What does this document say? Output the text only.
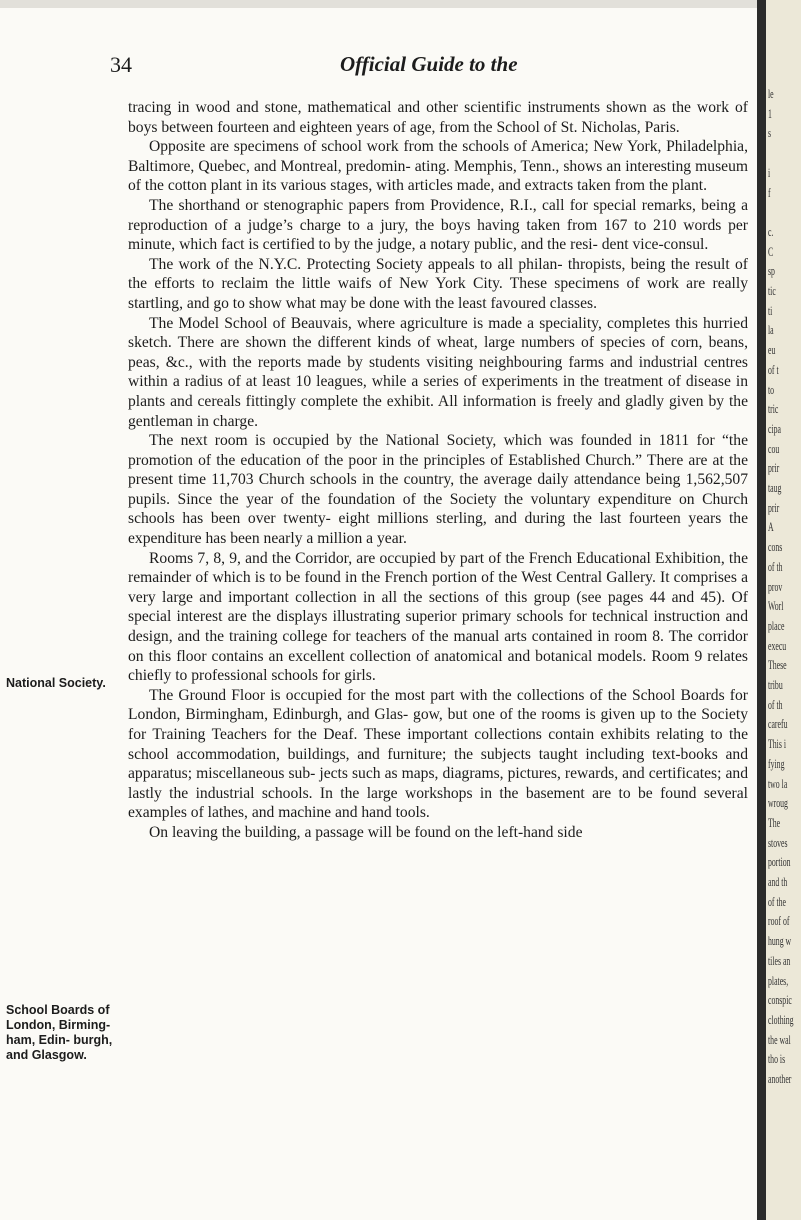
34	Official Guide to the
National Society.
School Boards of London, Birming- ham, Edin- burgh, and Glasgow.

tracing in wood and stone, mathematical and other scientific instruments shown as the work of boys between fourteen and eighteen years of age, from the School of St. Nicholas, Paris.

Opposite are specimens of school work from the schools of America; New York, Philadelphia, Baltimore, Quebec, and Montreal, predomin- ating. Memphis, Tenn., shows an interesting museum of the cotton plant in its various stages, with articles made, and extracts taken from the plant.

The shorthand or stenographic papers from Providence, R.I., call for special remarks, being a reproduction of a judge’s charge to a jury, the boys having taken from 167 to 210 words per minute, which fact is certified to by the judge, a notary public, and the resi- dent vice-consul.

The work of the N.Y.C. Protecting Society appeals to all philan- thropists, being the result of the efforts to reclaim the little waifs of New York City. These specimens of work are really startling, and go to show what may be done with the least favoured classes.

The Model School of Beauvais, where agriculture is made a speciality, completes this hurried sketch. There are shown the different kinds of wheat, large numbers of species of corn, beans, peas, &c., with the reports made by students visiting neighbouring farms and industrial centres within a radius of at least 10 leagues, while a series of experiments in the treatment of disease in plants and cereals fittingly complete the exhibit. All information is freely and gladly given by the gentleman in charge.

The next room is occupied by the National Society, which was founded in 1811 for “the promotion of the education of the poor in the principles of Established Church.” There are at the present time 11,703 Church schools in the country, the average daily attendance being 1,562,507 pupils. Since the year of the foundation of the Society the voluntary expenditure on Church schools has been over twenty- eight millions sterling, and during the last fourteen years the expenditure has been nearly a million a year.

Rooms 7, 8, 9, and the Corridor, are occupied by part of the French Educational Exhibition, the remainder of which is to be found in the French portion of the West Central Gallery. It comprises a very large and important collection in all the sections of this group (see pages 44 and 45). Of special interest are the displays illustrating superior primary schools for technical instruction and design, and the training college for teachers of the manual arts contained in room 8. The corridor on this floor contains an excellent collection of anatomical and botanical models. Room 9 relates chiefly to professional schools for girls.

The Ground Floor is occupied for the most part with the collections of the School Boards for London, Birmingham, Edinburgh, and Glas- gow, but one of the rooms is given up to the Society for Training Teachers for the Deaf. These important collections contain exhibits relating to the school accommodation, buildings, and furniture; the subjects taught including text-books and apparatus; miscellaneous sub- jects such as maps, diagrams, pictures, rewards, and certificates; and lastly the industrial schools. In the large workshops in the basement are to be found several examples of lathes, and machine and hand tools.

On leaving the building, a passage will be found on the left-hand side

le
1
s
i
f
c.
C
sp
tic
ti
la
eu
of t
to
tric
cipa
cou
prir
taug
prir
A
cons
of th
prov
Worl
place
execu
These
tribu
of th
carefu
This i
fying
two la
wroug
The
stoves
portion
and th
of the
roof of
hung w
tiles an
plates,
conspic
clothing
the wal
tho is
another
